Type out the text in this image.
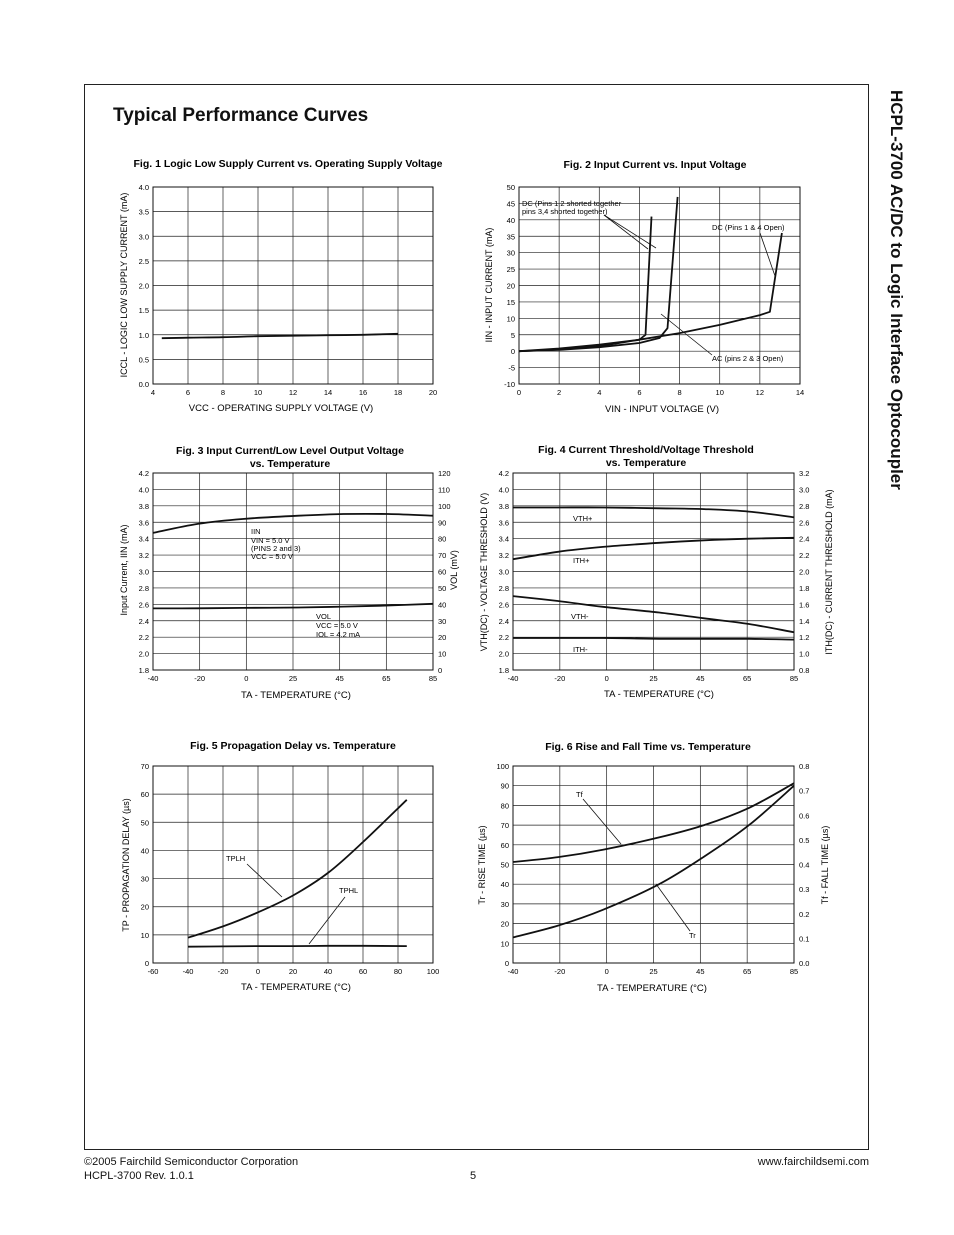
Typical Performance Curves	HCPL-3700 AC/DC to Logic Interface Optocoupler
Fig. 1 Logic Low Supply Current vs. Operating Supply Voltage
VCC - OPERATING SUPPLY VOLTAGE (V)
ICCL - LOGIC LOW SUPPLY CURRENT (mA)
4	6	8	10	12	14	16	18	20
0.0
0.5
1.0
1.5
2.0
2.5
3.0
3.5
4.0
Fig. 2 Input Current vs. Input Voltage
VIN - INPUT VOLTAGE (V)
IIN - INPUT CURRENT (mA)
DC (Pins 1,2 shorted together
pins 3,4 shorted together)
DC (Pins 1 & 4 Open)
AC (pins 2 & 3 Open)
0	2	4	6	8	10	12	14
-10
-5
0
5
10
15
20
25
30
35
40
45
50
Fig. 3 Input Current/Low Level Output Voltage
vs. Temperature
TA - TEMPERATURE (°C)
Input Current, IIN (mA)	VOL (mV)
IIN
VIN = 5.0 V
(PINS 2 and 3)
VCC = 5.0 V
VOL
VCC = 5.0 V
IOL = 4.2 mA
-40	-20	0	25	45	65	85
1.8
2.0
2.2
2.4
2.6
2.8
3.0
3.2
3.4
3.6
3.8
4.0
4.2
0
10
20
30
40
50
60
70
80
90
100
110
120
Fig. 4 Current Threshold/Voltage Threshold
vs. Temperature
TA - TEMPERATURE (°C)
VTH(DC) - VOLTAGE THRESHOLD (V)	ITH(DC) - CURRENT THRESHOLD (mA)
VTH+
ITH+
VTH-
ITH-
-40	-20	0	25	45	65	85
1.8
2.0
2.2
2.4
2.6
2.8
3.0
3.2
3.4
3.6
3.8
4.0
4.2
0.8
1.0
1.2
1.4
1.6
1.8
2.0
2.2
2.4
2.6
2.8
3.0
3.2
Fig. 5 Propagation Delay vs. Temperature
TA - TEMPERATURE (°C)
TP - PROPAGATION DELAY (µs)	TPLH
TPHL
-60	-40	-20	0	20	40	60	80	100
0
10
20
30
40
50
60
70
Fig. 6 Rise and Fall Time vs. Temperature
TA - TEMPERATURE (°C)
Tr - RISE TIME (µs)	Tf - FALL TIME (µs)
Tf
Tr
-40	-20	0	25	45	65	85
0
10
20
30
40
50
60
70
80
90
100
0.0
0.1
0.2
0.3
0.4
0.5
0.6
0.7
0.8
©2005 Fairchild Semiconductor Corporation
HCPL-3700 Rev. 1.0.1	5
www.fairchildsemi.com
